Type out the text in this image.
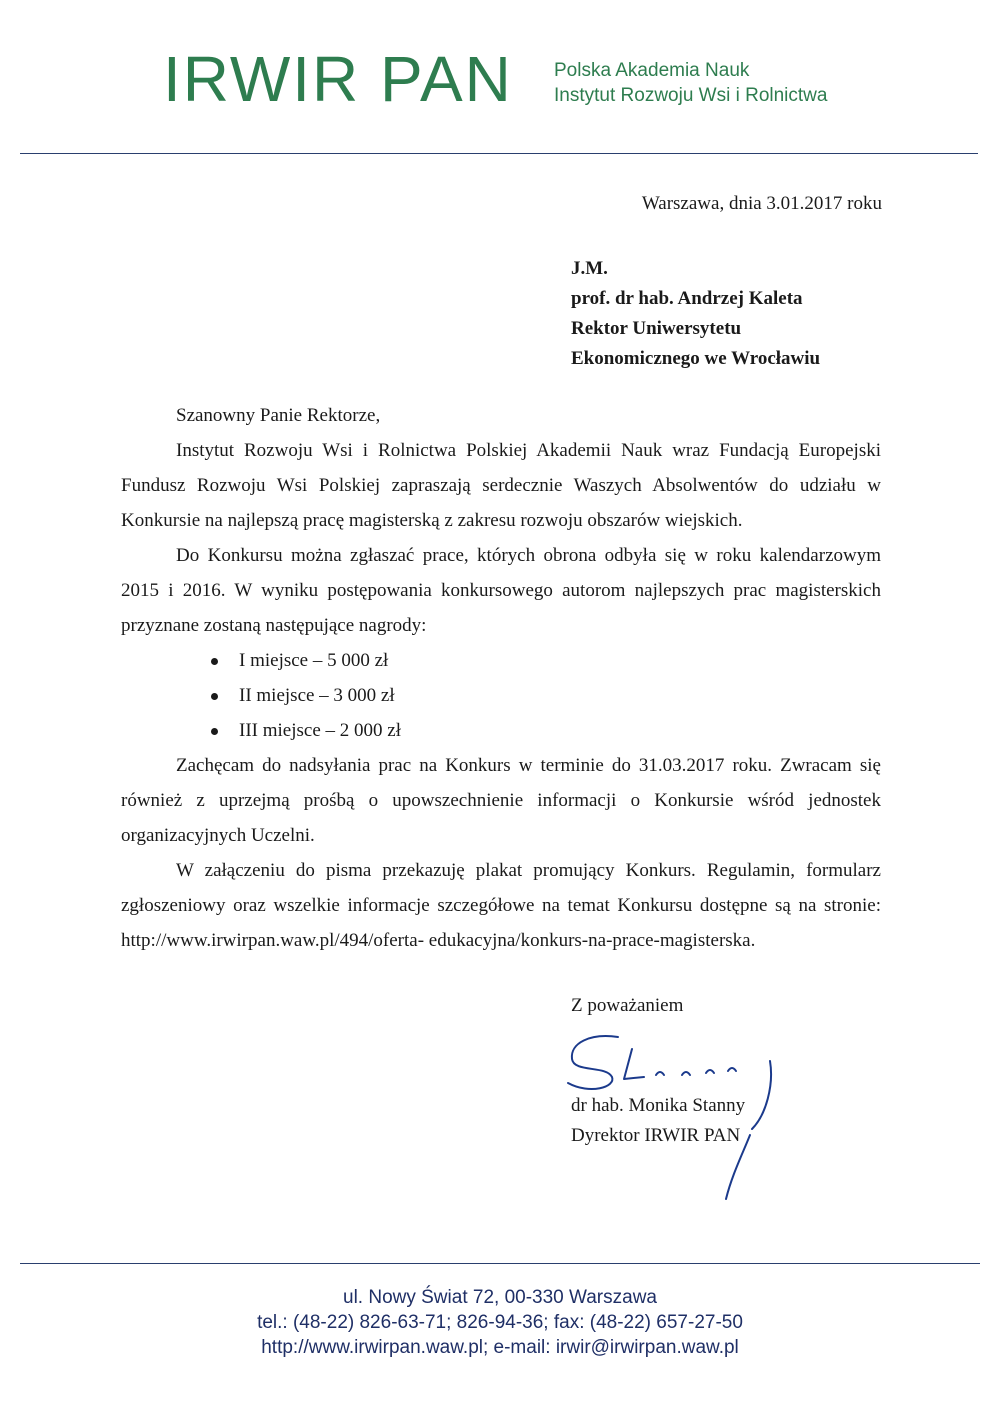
IRWIR PAN Polska Akademia Nauk
Instytut Rozwoju Wsi i Rolnictwa
Warszawa, dnia 3.01.2017 roku
J.M.
prof. dr hab. Andrzej Kaleta
Rektor Uniwersytetu
Ekonomicznego we Wrocławiu

Szanowny Panie Rektorze,

Instytut Rozwoju Wsi i Rolnictwa Polskiej Akademii Nauk wraz Fundacją Europejski Fundusz Rozwoju Wsi Polskiej zapraszają serdecznie Waszych Absolwentów do udziału w Konkursie na najlepszą pracę magisterską z zakresu rozwoju obszarów wiejskich.

Do Konkursu można zgłaszać prace, których obrona odbyła się w roku kalendarzowym 2015 i 2016. W wyniku postępowania konkursowego autorom najlepszych prac magisterskich przyznane zostaną następujące nagrody:

I miejsce – 5 000 zł
II miejsce – 3 000 zł
III miejsce – 2 000 zł

Zachęcam do nadsyłania prac na Konkurs w terminie do 31.03.2017 roku. Zwracam się również z uprzejmą prośbą o upowszechnienie informacji o Konkursie wśród jednostek organizacyjnych Uczelni.

W załączeniu do pisma przekazuję plakat promujący Konkurs. Regulamin, formularz zgłoszeniowy oraz wszelkie informacje szczegółowe na temat Konkursu dostępne są na stronie: http://www.irwirpan.waw.pl/494/oferta- edukacyjna/konkurs-na-prace-magisterska.

Z poważaniem
dr hab. Monika Stanny
Dyrektor IRWIR PAN
ul. Nowy Świat 72, 00-330 Warszawa
tel.: (48-22) 826-63-71; 826-94-36; fax: (48-22) 657-27-50
http://www.irwirpan.waw.pl; e-mail: irwir@irwirpan.waw.pl
